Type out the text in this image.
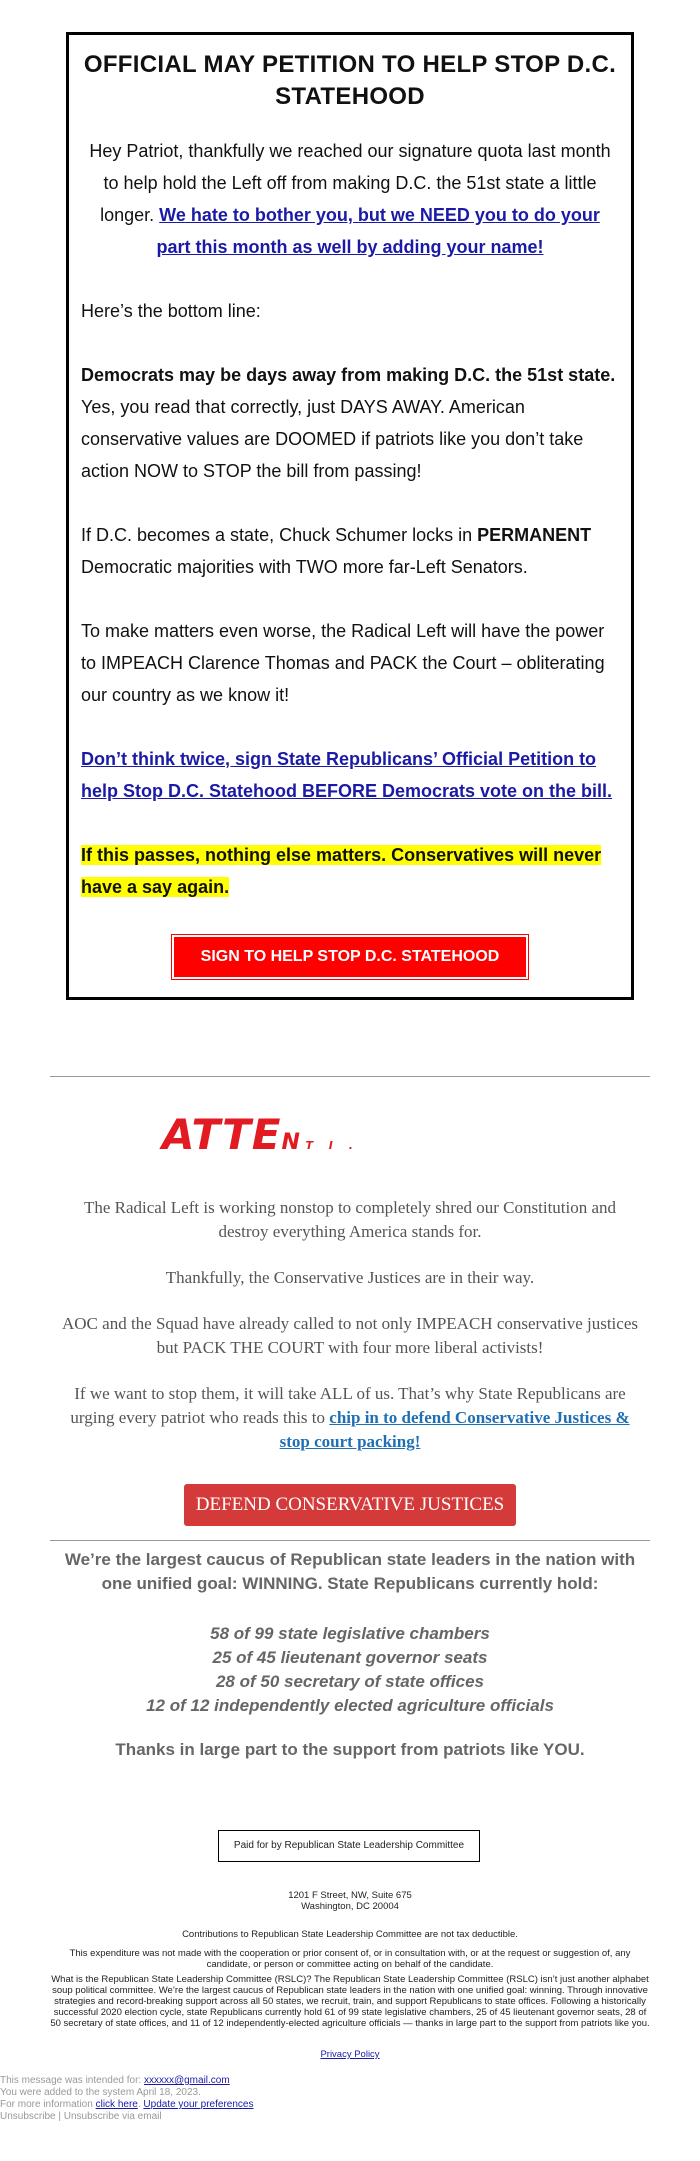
OFFICIAL MAY PETITION TO HELP STOP D.C. STATEHOOD

Hey Patriot, thankfully we reached our signature quota last month to help hold the Left off from making D.C. the 51st state a little longer. We hate to bother you, but we NEED you to do your part this month as well by adding your name!

Here’s the bottom line:

Democrats may be days away from making D.C. the 51st state. Yes, you read that correctly, just DAYS AWAY. American conservative values are DOOMED if patriots like you don’t take action NOW to STOP the bill from passing!

If D.C. becomes a state, Chuck Schumer locks in PERMANENT Democratic majorities with TWO more far-Left Senators.

To make matters even worse, the Radical Left will have the power to IMPEACH Clarence Thomas and PACK the Court – obliterating our country as we know it!

Don’t think twice, sign State Republicans’ Official Petition to help Stop D.C. Statehood BEFORE Democrats vote on the bill.

If this passes, nothing else matters. Conservatives will never have a say again.

SIGN TO HELP STOP D.C. STATEHOOD
ATTEN T I .

The Radical Left is working nonstop to completely shred our Constitution and destroy everything America stands for.

Thankfully, the Conservative Justices are in their way.

AOC and the Squad have already called to not only IMPEACH conservative justices but PACK THE COURT with four more liberal activists!

If we want to stop them, it will take ALL of us. That’s why State Republicans are urging every patriot who reads this to chip in to defend Conservative Justices & stop court packing!

DEFEND CONSERVATIVE JUSTICES
We’re the largest caucus of Republican state leaders in the nation with one unified goal: WINNING. State Republicans currently hold:
58 of 99 state legislative chambers
25 of 45 lieutenant governor seats
28 of 50 secretary of state offices
12 of 12 independently elected agriculture officials
Thanks in large part to the support from patriots like YOU.
Paid for by Republican State Leadership Committee
1201 F Street, NW, Suite 675
Washington, DC 20004
Contributions to Republican State Leadership Committee are not tax deductible.
This expenditure was not made with the cooperation or prior consent of, or in consultation with, or at the request or suggestion of, any candidate, or person or committee acting on behalf of the candidate.
What is the Republican State Leadership Committee (RSLC)? The Republican State Leadership Committee (RSLC) isn’t just another alphabet soup political committee. We’re the largest caucus of Republican state leaders in the nation with one unified goal: winning. Through innovative strategies and record-breaking support across all 50 states, we recruit, train, and support Republicans to state offices. Following a historically successful 2020 election cycle, state Republicans currently hold 61 of 99 state legislative chambers, 25 of 45 lieutenant governor seats, 28 of 50 secretary of state offices, and 11 of 12 independently-elected agriculture officials — thanks in large part to the support from patriots like you.
Privacy Policy
This message was intended for: xxxxxx@gmail.com
You were added to the system April 18, 2023.
For more information click here. Update your preferences
Unsubscribe | Unsubscribe via email
